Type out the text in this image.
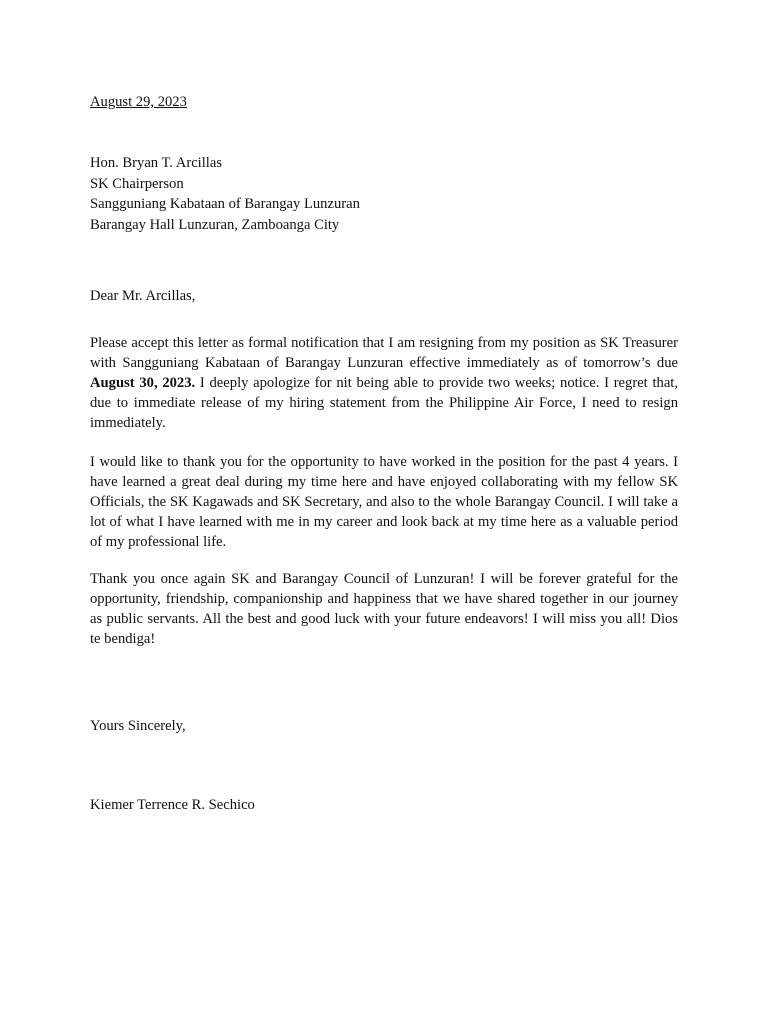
August 29, 2023
Hon. Bryan T. Arcillas
SK Chairperson
Sangguniang Kabataan of Barangay Lunzuran
Barangay Hall Lunzuran, Zamboanga City
Dear Mr. Arcillas,
Please accept this letter as formal notification that I am resigning from my position as SK Treasurer with Sangguniang Kabataan of Barangay Lunzuran effective immediately as of tomorrow’s due August 30, 2023. I deeply apologize for nit being able to provide two weeks; notice. I regret that, due to immediate release of my hiring statement from the Philippine Air Force, I need to resign immediately.
I would like to thank you for the opportunity to have worked in the position for the past 4 years. I have learned a great deal during my time here and have enjoyed collaborating with my fellow SK Officials, the SK Kagawads and SK Secretary, and also to the whole Barangay Council. I will take a lot of what I have learned with me in my career and look back at my time here as a valuable period of my professional life.
Thank you once again SK and Barangay Council of Lunzuran! I will be forever grateful for the opportunity, friendship, companionship and happiness that we have shared together in our journey as public servants. All the best and good luck with your future endeavors! I will miss you all! Dios te bendiga!
Yours Sincerely,
Kiemer Terrence R. Sechico
